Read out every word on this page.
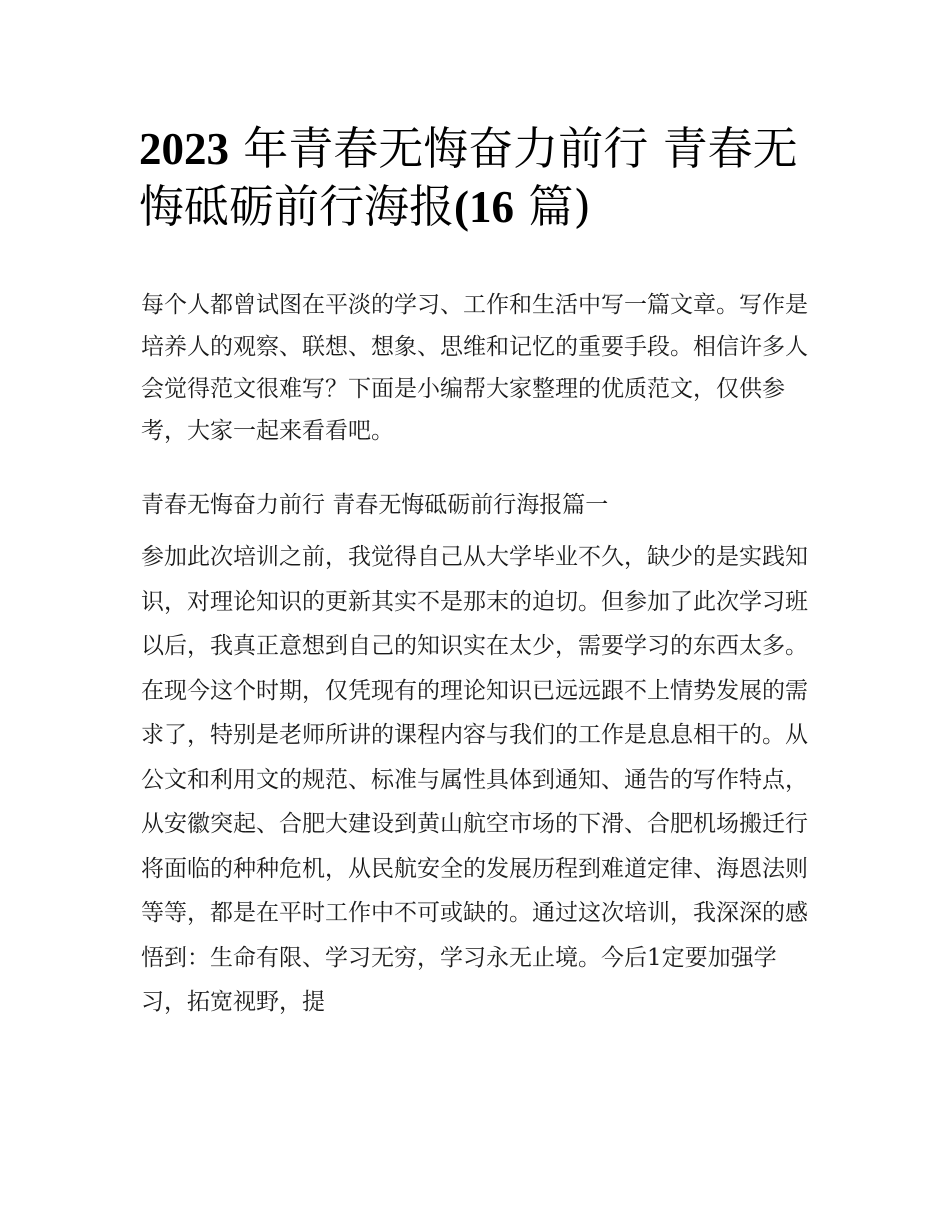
2023 年青春无悔奋力前行 青春无悔砥砺前行海报(16 篇)

每个人都曾试图在平淡的学习、工作和生活中写一篇文章。写作是培养人的观察、联想、想象、思维和记忆的重要手段。相信许多人会觉得范文很难写？下面是小编帮大家整理的优质范文，仅供参考，大家一起来看看吧。

青春无悔奋力前行 青春无悔砥砺前行海报篇一

参加此次培训之前，我觉得自己从大学毕业不久，缺少的是实践知识，对理论知识的更新其实不是那末的迫切。但参加了此次学习班以后，我真正意想到自己的知识实在太少，需要学习的东西太多。在现今这个时期，仅凭现有的理论知识已远远跟不上情势发展的需求了，特别是老师所讲的课程内容与我们的工作是息息相干的。从公文和利用文的规范、标准与属性具体到通知、通告的写作特点，从安徽突起、合肥大建设到黄山航空市场的下滑、合肥机场搬迁行将面临的种种危机，从民航安全的发展历程到难道定律、海恩法则等等，都是在平时工作中不可或缺的。通过这次培训，我深深的感悟到：生命有限、学习无穷，学习永无止境。今后1定要加强学习，拓宽视野，提
